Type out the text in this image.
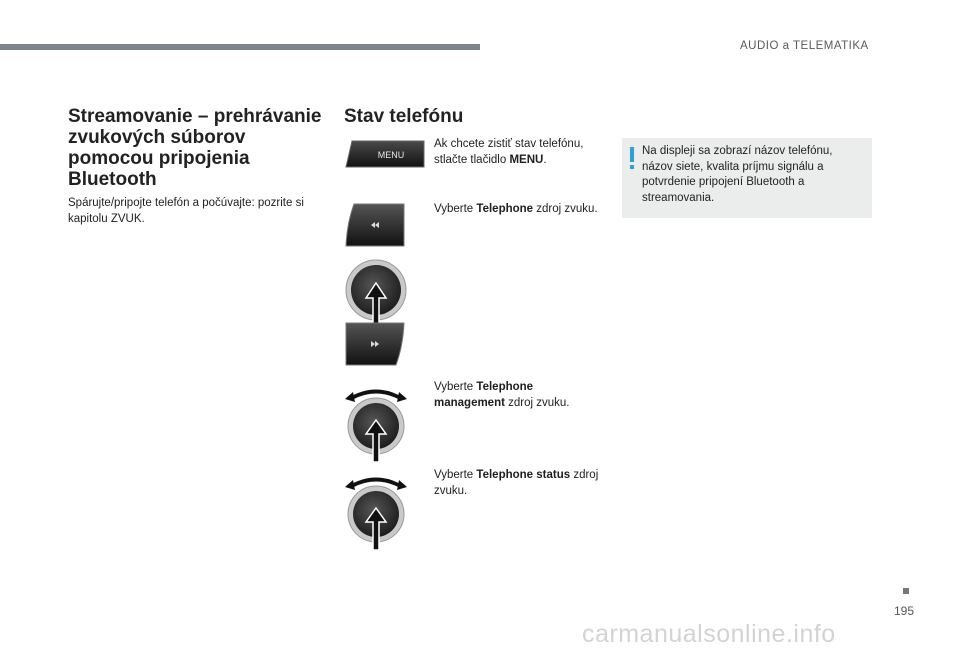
AUDIO a TELEMATIKA
Streamovanie – prehrávanie zvukových súborov pomocou pripojenia Bluetooth

Spárujte/pripojte telefón a počúvajte: pozrite si kapitolu ZVUK.

Stav telefónu
MENU
Ak chcete zistiť stav telefónu, stlačte tlačidlo MENU.
Vyberte Telephone zdroj zvuku.
Vyberte Telephone management zdroj zvuku.
Vyberte Telephone status zdroj zvuku.
Na displeji sa zobrazí názov telefónu, názov siete, kvalita príjmu signálu a potvrdenie pripojení Bluetooth a streamovania.
195
carmanualsonline.info
